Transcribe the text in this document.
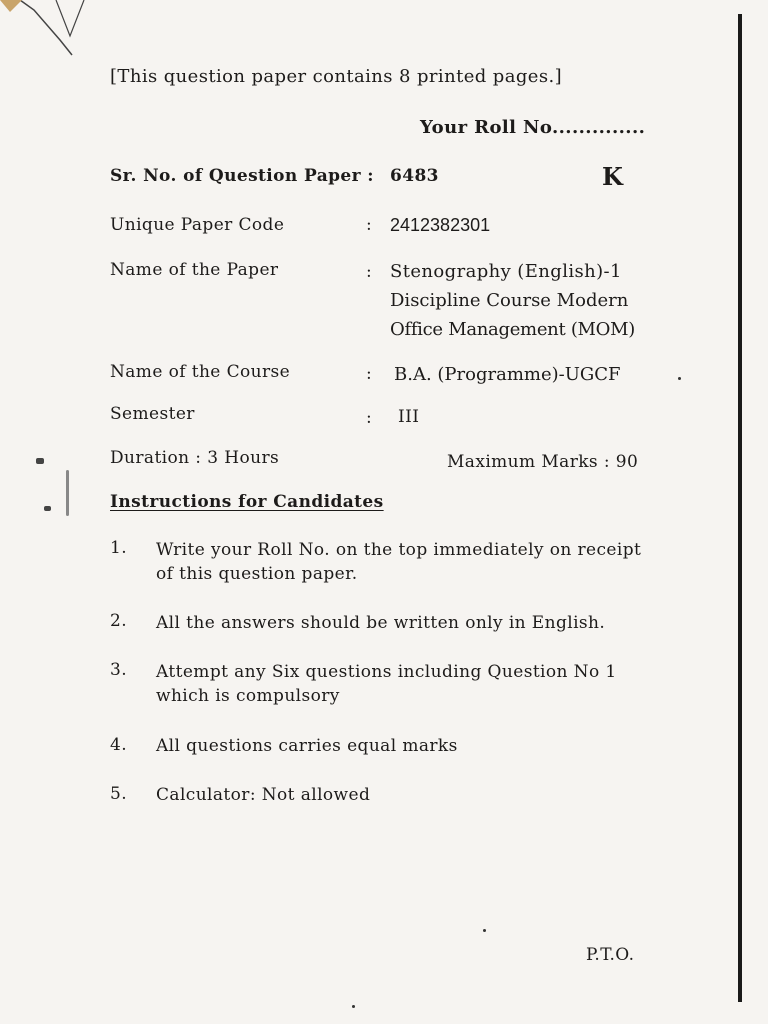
[This question paper contains 8 printed pages.]
Your Roll No..............
Sr. No. of Question Paper : 6483	K
Unique Paper Code	: 2412382301
Name of the Paper	: Stenography (English)-1
Discipline Course Modern
Office Management (MOM)
Name of the Course	: B.A. (Programme)-UGCF
Semester	: III
Duration : 3 Hours	Maximum Marks : 90
Instructions for Candidates
1. Write your Roll No. on the top immediately on receipt
of this question paper.
2. All the answers should be written only in English.
3. Attempt any Six questions including Question No 1
which is compulsory
4. All questions carries equal marks
5. Calculator: Not allowed
P.T.O.
